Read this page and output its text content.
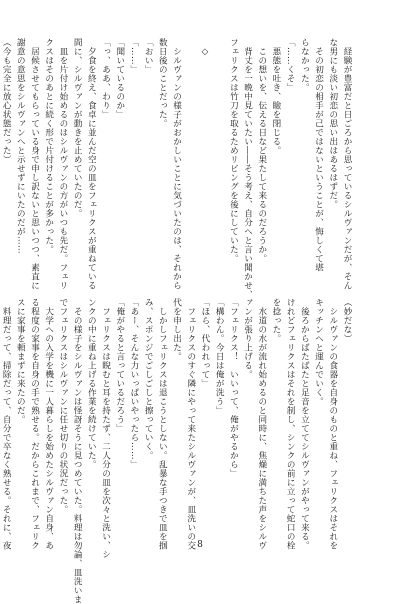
　経験が豊富だと日ごろから思っているシルヴァンだが、そん

な男にも淡い初恋の思い出はあるはずだ。

　その初恋の相手が己ではないということが、悔しくて堪

らなかった。

「……くそ」

　悪態を吐き、瞼を閉じる。

　この想いを、伝える日など果たして来るのだろうか。

　背丈を一晩中見ていたい――そう考え、自分へと言い聞かせ、

フェリクスは竹刀を取るためリビングを後にしていた。

　◇

　シルヴァンの様子がおかしいことに気づいたのは、それから

数日後のことだった。

「おい」

「……」

「聞いているのか」

「っ、ああ、わり」

　夕食を終え、食卓に並んだ空の皿をフェリクスが重ねている

間に、シルヴァンが動きを止めていたのだ。

　皿を片付け始めるのはシルヴァンの方がいつも先だ。フェリ

クスはそのあとに続く形で片付けることが多かった。

　居候させてもらっている身で申し訳ないと思いつつ、素直に

謝意の意思をシルヴァンへと示せずにいたのだが……

（今も完全に放心状態だった）

（妙だな）

　シルヴァンの食器を自身のものと重ね、フェリクスはそれを

キッチンへと運んでいく。

　後ろからばたばたと足音を立ててシルヴァンがやって来る。

けれどフェリクスはそれを制し、シンクの前に立って蛇口の栓

を捻った。

　水道の水が流れ始めるのと同時に、焦燥に満ちた声をシルヴ

ァンが張り上げる。

「フェリクス！　いいって、俺がやるから」

「構わん。今日は俺が洗う」

「ほら、代われって」

　フェリクスのすぐ隣にやって来たシルヴァンが、皿洗いの交

代を申し出た。

　しかしフェリクスは退こうとしない。乱暴な手つきで皿を掴

み、スポンジでごしごしと擦っていく。

「あー、そんな力いっぱいやったら……」

「俺がやると言っているだろう」

　フェリクスは睨むと耳を持たず、二人分の皿を次々と洗い、シ

ンクの中に重ね上げる作業を続けていた。

　その様子をシルヴァンは怪訝そうに見つめていた。料理は勿論、皿洗いま

でフェリクスはシルヴァンに任せ切りの状況だった。

　大学への入学を機に一人暮らしを始めたシルヴァン自身、あ

る程度の家事を自身の手で熟せる。だからこれまで、フェリク

スに家事を頼まずに来たのだ。

　料理だって、掃除だって、自分で卒なく熟せる。それに、夜	8
